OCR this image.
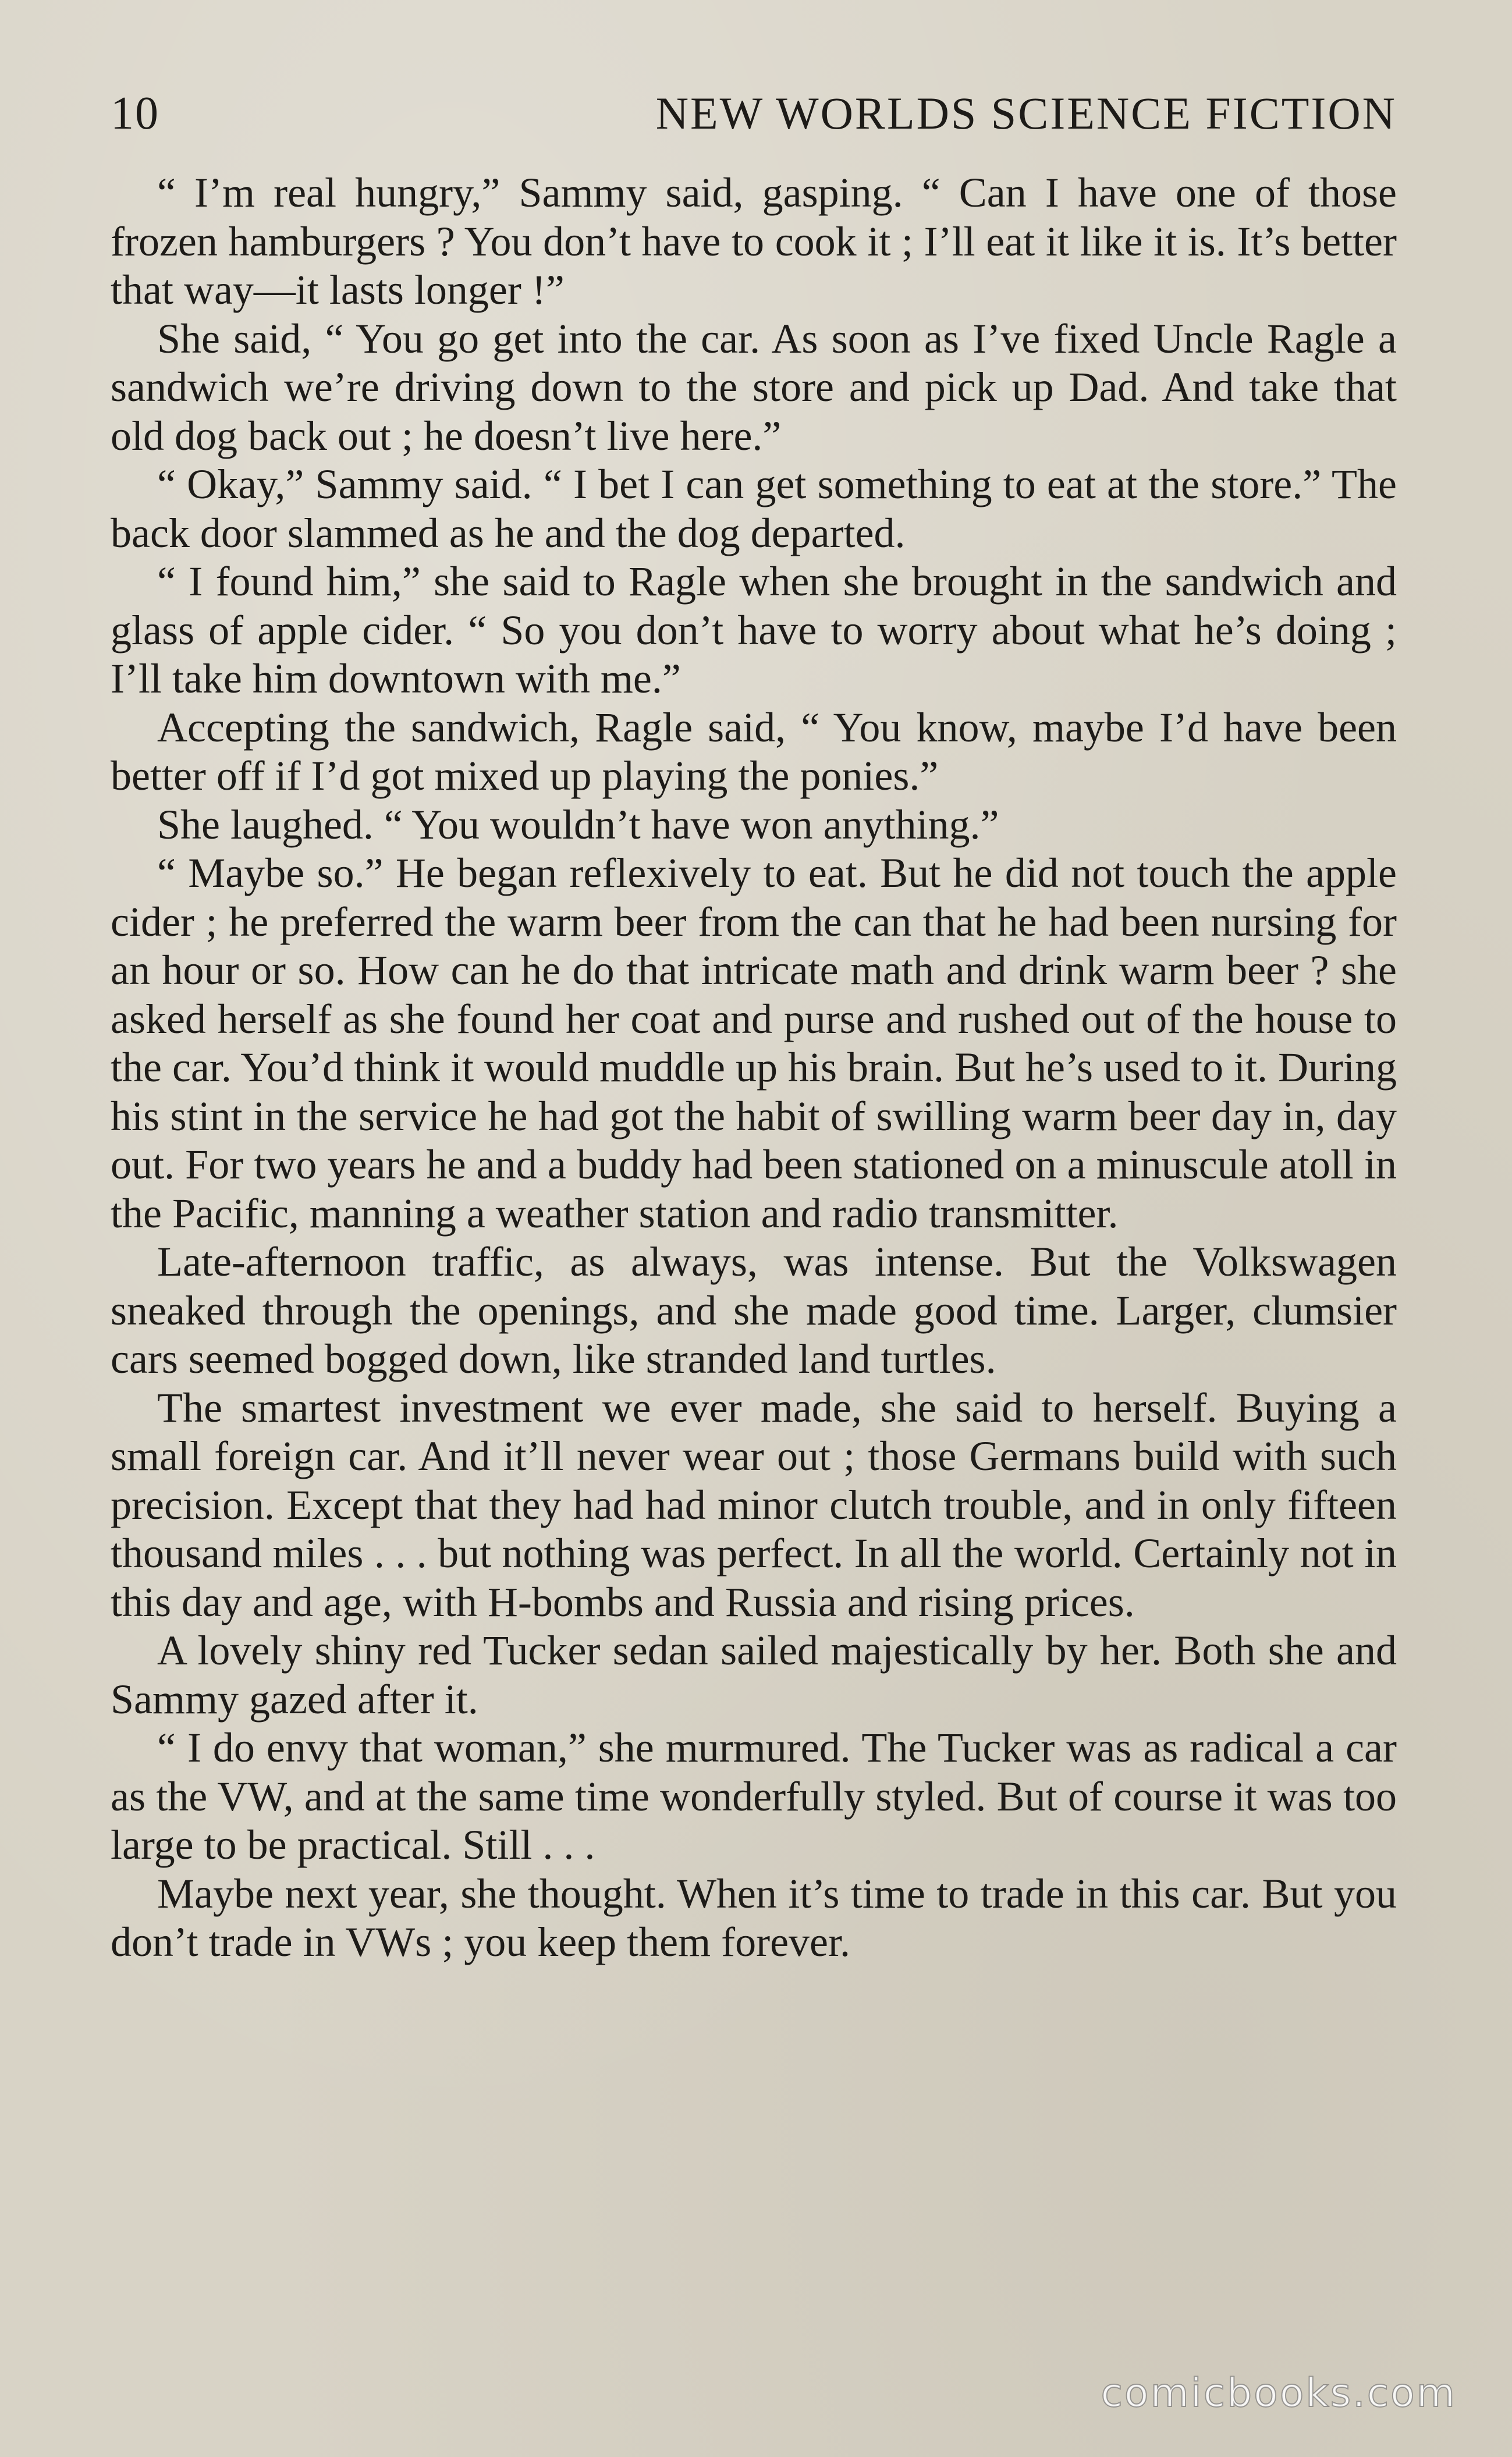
10	NEW WORLDS SCIENCE FICTION

“ I’m real hungry,” Sammy said, gasping. “ Can I have one of those frozen hamburgers ? You don’t have to cook it ; I’ll eat it like it is. It’s better that way—it lasts longer !”

She said, “ You go get into the car. As soon as I’ve fixed Uncle Ragle a sandwich we’re driving down to the store and pick up Dad. And take that old dog back out ; he doesn’t live here.”

“ Okay,” Sammy said. “ I bet I can get something to eat at the store.” The back door slammed as he and the dog departed.

“ I found him,” she said to Ragle when she brought in the sandwich and glass of apple cider. “ So you don’t have to worry about what he’s doing ; I’ll take him downtown with me.”

Accepting the sandwich, Ragle said, “ You know, maybe I’d have been better off if I’d got mixed up playing the ponies.”

She laughed. “ You wouldn’t have won anything.”

“ Maybe so.” He began reflexively to eat. But he did not touch the apple cider ; he preferred the warm beer from the can that he had been nursing for an hour or so. How can he do that intricate math and drink warm beer ? she asked herself as she found her coat and purse and rushed out of the house to the car. You’d think it would muddle up his brain. But he’s used to it. During his stint in the service he had got the habit of swilling warm beer day in, day out. For two years he and a buddy had been stationed on a minuscule atoll in the Pacific, manning a weather station and radio transmitter.

Late-afternoon traffic, as always, was intense. But the Volkswagen sneaked through the openings, and she made good time. Larger, clumsier cars seemed bogged down, like stranded land turtles.

The smartest investment we ever made, she said to herself. Buying a small foreign car. And it’ll never wear out ; those Germans build with such precision. Except that they had had minor clutch trouble, and in only fifteen thousand miles . . . but nothing was perfect. In all the world. Certainly not in this day and age, with H-bombs and Russia and rising prices.

A lovely shiny red Tucker sedan sailed majestically by her. Both she and Sammy gazed after it.

“ I do envy that woman,” she murmured. The Tucker was as radical a car as the VW, and at the same time wonderfully styled. But of course it was too large to be practical. Still . . .

Maybe next year, she thought. When it’s time to trade in this car. But you don’t trade in VWs ; you keep them forever.

comicbooks.com
